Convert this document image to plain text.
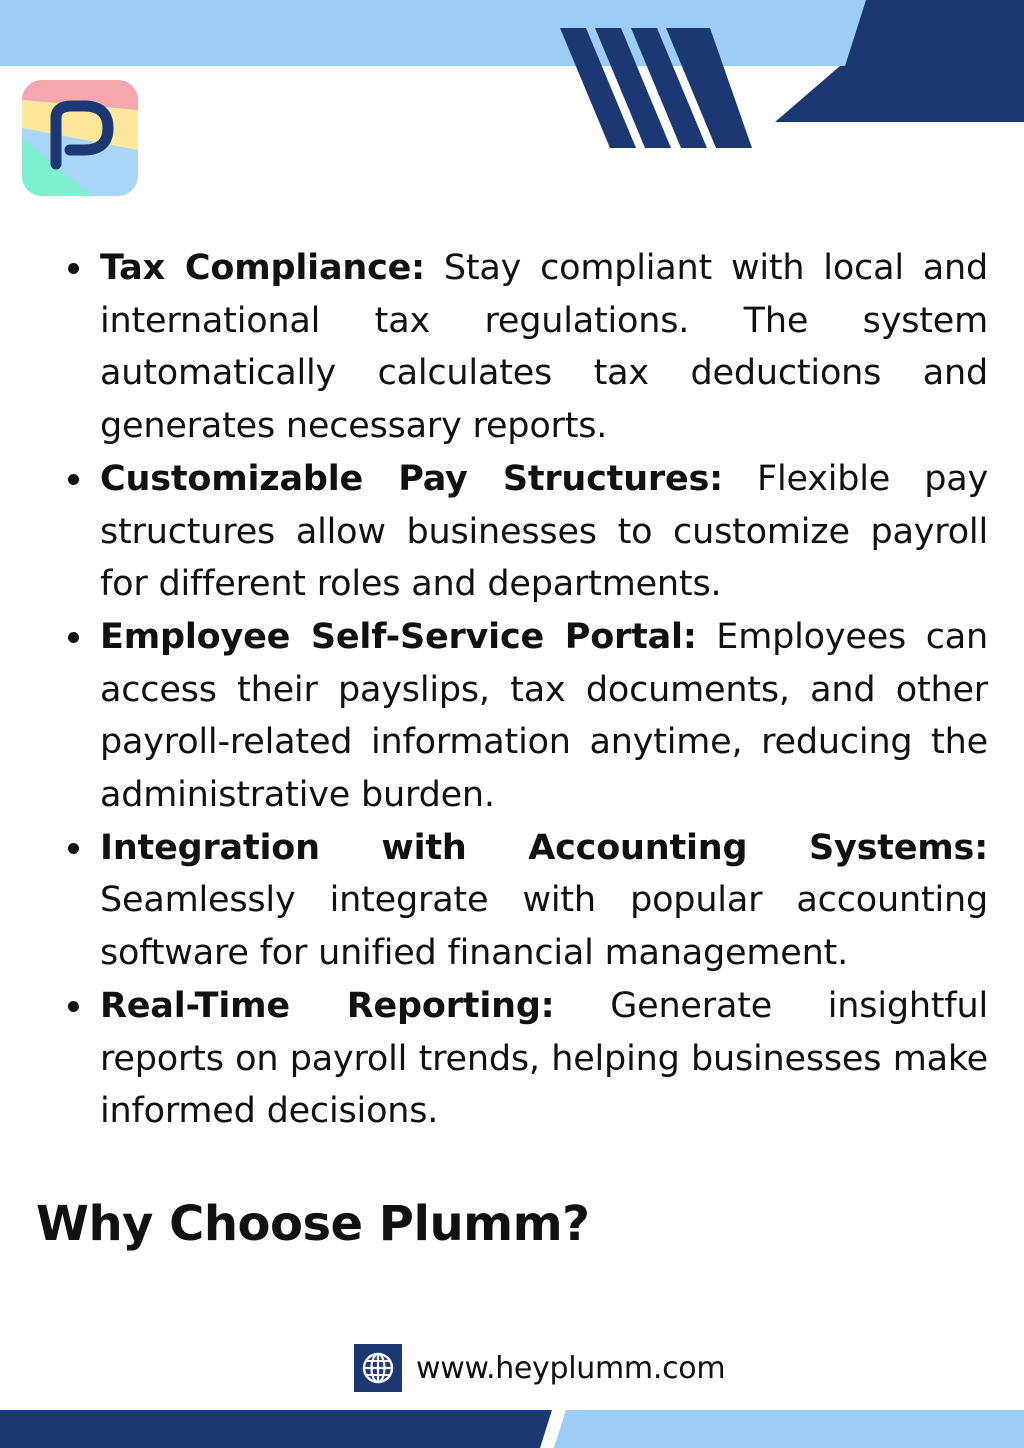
Tax Compliance: Stay compliant with local and international tax regulations. The system automatically calculates tax deductions and generates necessary reports.
Customizable Pay Structures: Flexible pay structures allow businesses to customize payroll for different roles and departments.
Employee Self-Service Portal: Employees can access their payslips, tax documents, and other payroll-related information anytime, reducing the administrative burden.
Integration with Accounting Systems: Seamlessly integrate with popular accounting software for unified financial management.
Real-Time Reporting: Generate insightful reports on payroll trends, helping businesses make informed decisions.
Why Choose Plumm?
www.heyplumm.com
